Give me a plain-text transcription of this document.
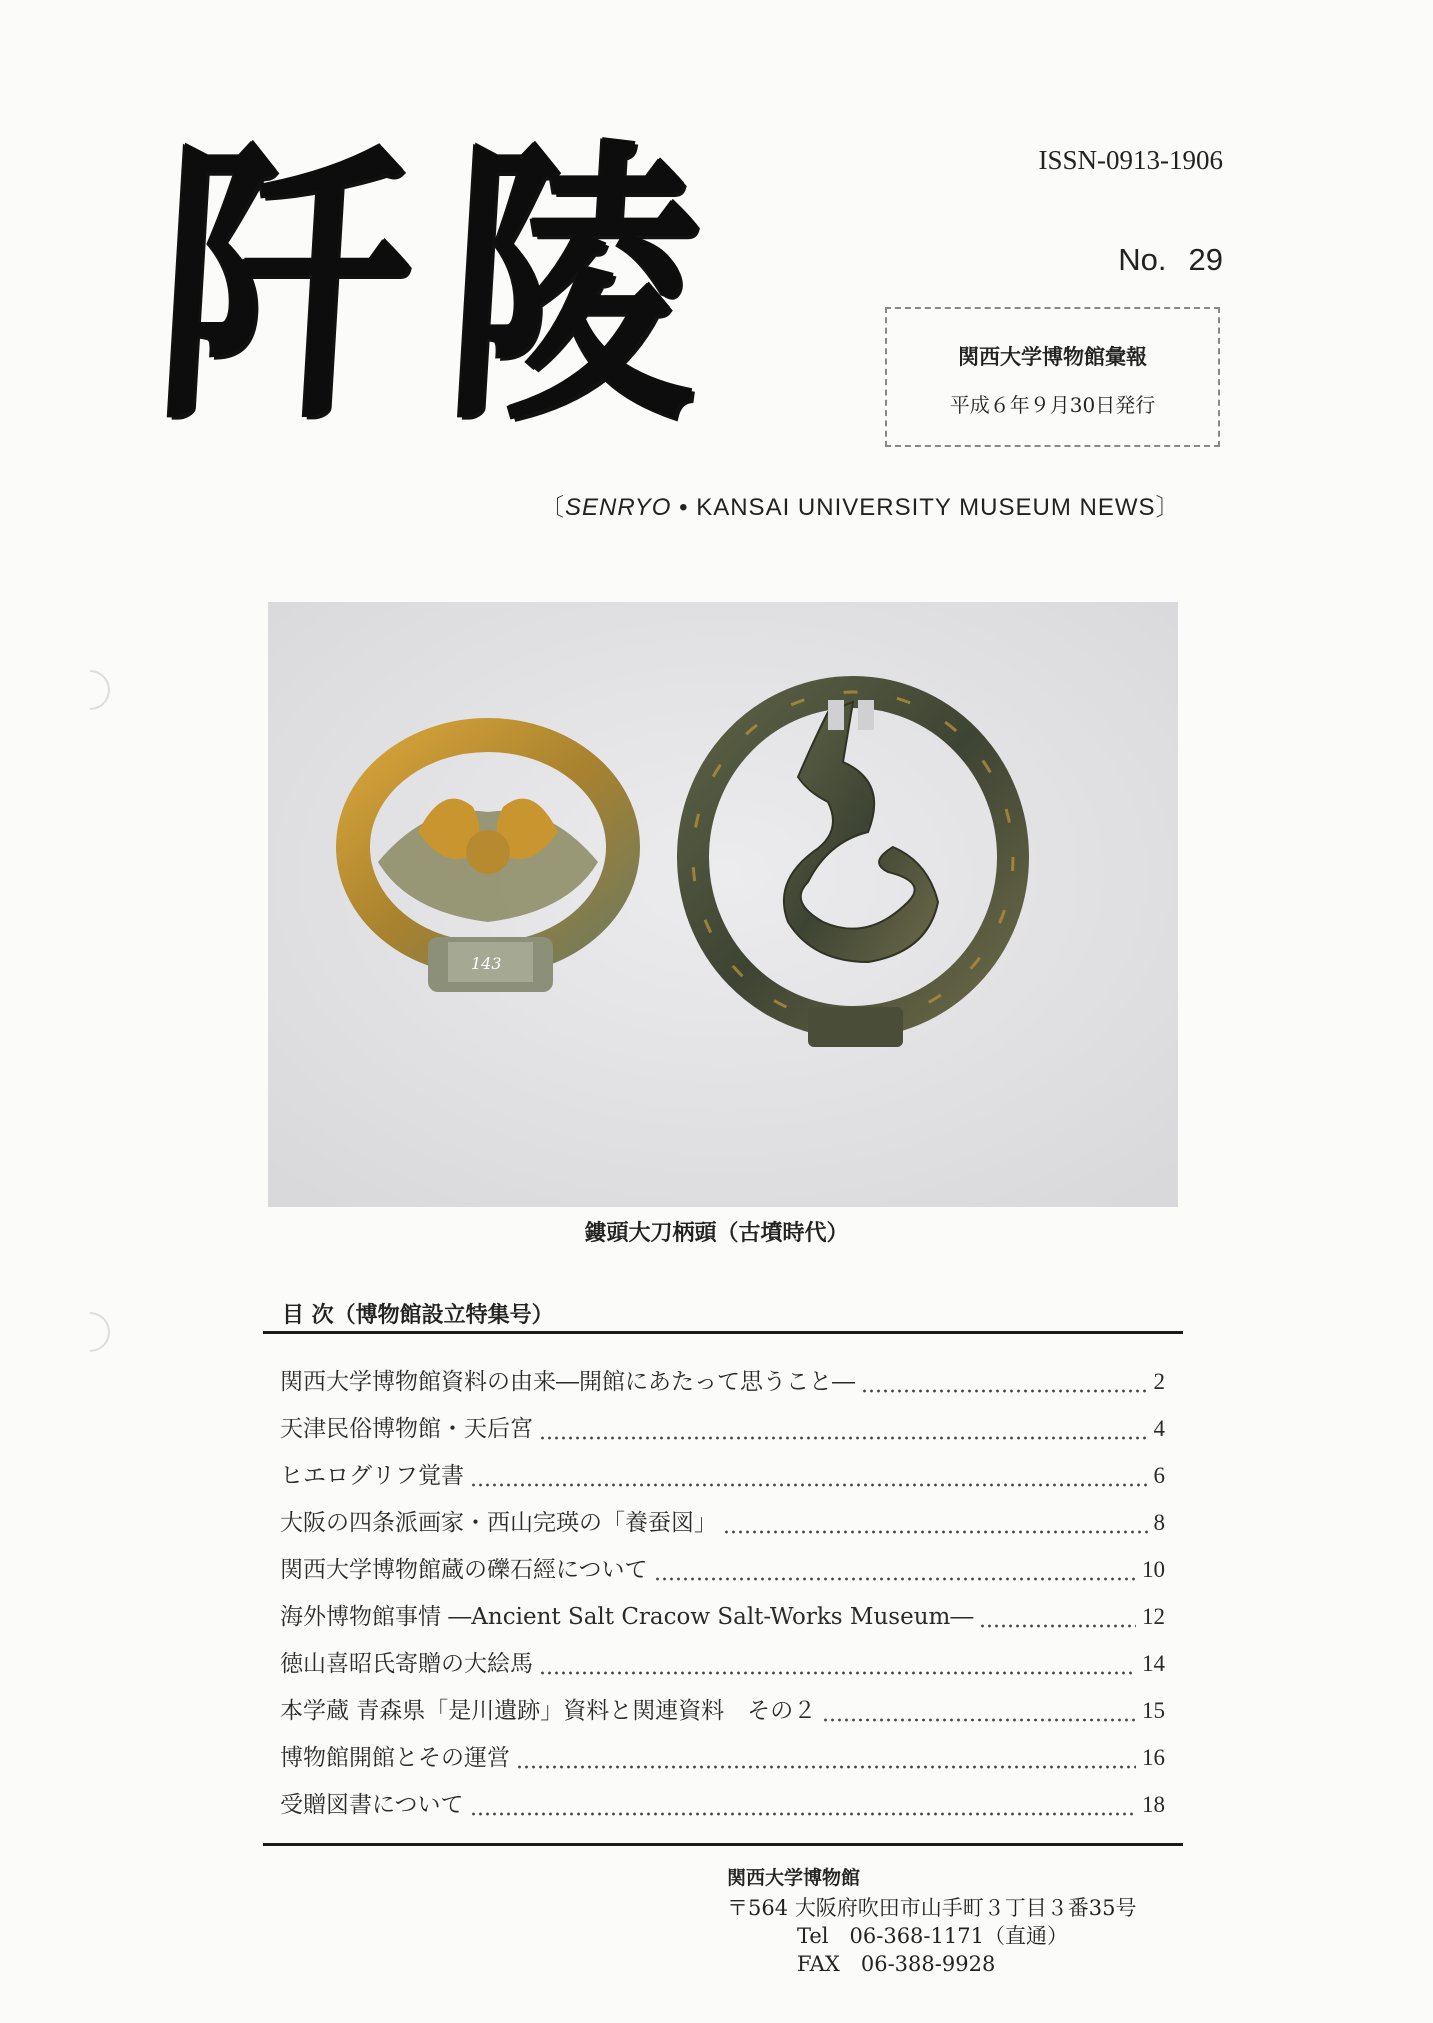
阡 陵	ISSN-0913-1906
No. 29
関西大学博物館彙報
平成６年９月30日発行
〔SENRYO • KANSAI UNIVERSITY MUSEUM NEWS〕
143
鏤頭大刀柄頭（古墳時代）
目 次（博物館設立特集号）
関西大学博物館資料の由来―開館にあたって思うこと―	2
天津民俗博物館・天后宮	4
ヒエログリフ覚書	6
大阪の四条派画家・西山完瑛の「養蚕図」	8
関西大学博物館蔵の礫石經について	10
海外博物館事情 ―Ancient Salt Cracow Salt-Works Museum―	12
徳山喜昭氏寄贈の大絵馬	14
本学蔵 青森県「是川遺跡」資料と関連資料　その２	15
博物館開館とその運営	16
受贈図書について	18
関西大学博物館
〒564 大阪府吹田市山手町３丁目３番35号
Tel　06-368-1171（直通）
FAX　06-388-9928
